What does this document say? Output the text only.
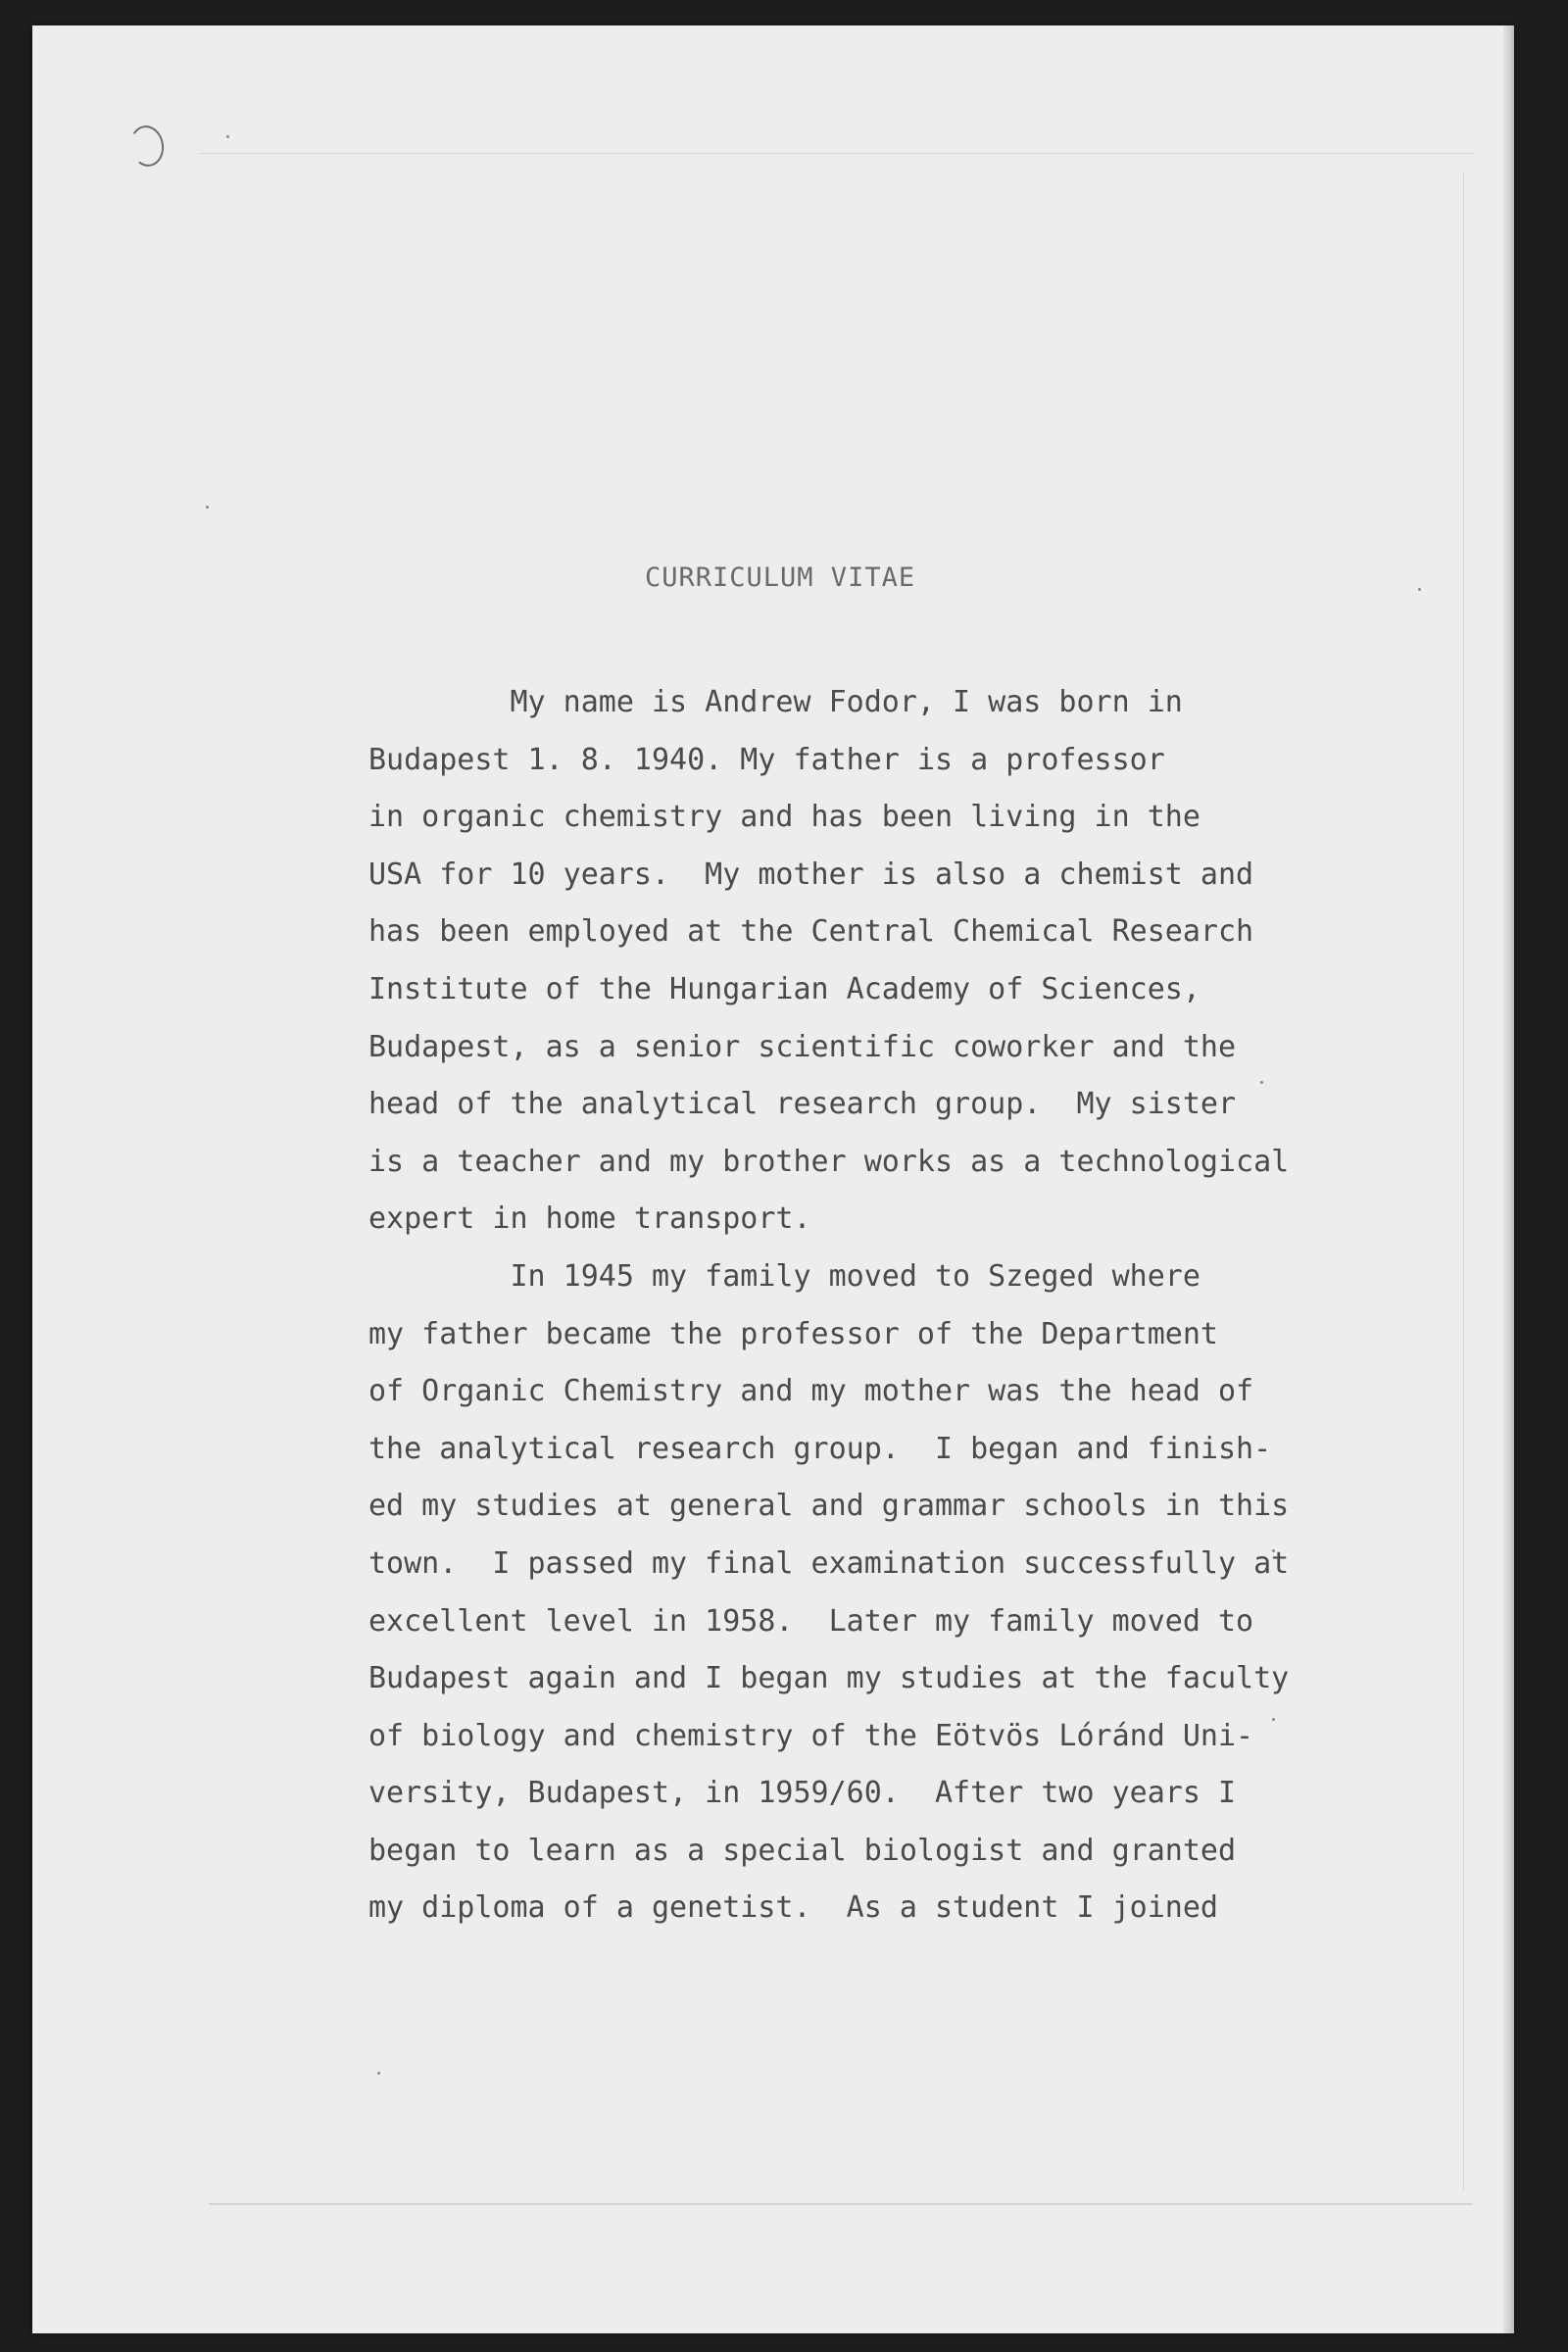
CURRICULUM VITAE
My name is Andrew Fodor, I was born in
Budapest 1. 8. 1940. My father is a professor
in organic chemistry and has been living in the
USA for 10 years.  My mother is also a chemist and
has been employed at the Central Chemical Research
Institute of the Hungarian Academy of Sciences,
Budapest, as a senior scientific coworker and the
head of the analytical research group.  My sister
is a teacher and my brother works as a technological
expert in home transport.
In 1945 my family moved to Szeged where
my father became the professor of the Department
of Organic Chemistry and my mother was the head of
the analytical research group.  I began and finish-
ed my studies at general and grammar schools in this
town.  I passed my final examination successfully at
excellent level in 1958.  Later my family moved to
Budapest again and I began my studies at the faculty
of biology and chemistry of the Eötvös Lóránd Uni-
versity, Budapest, in 1959/60.  After two years I
began to learn as a special biologist and granted
my diploma of a genetist.  As a student I joined
